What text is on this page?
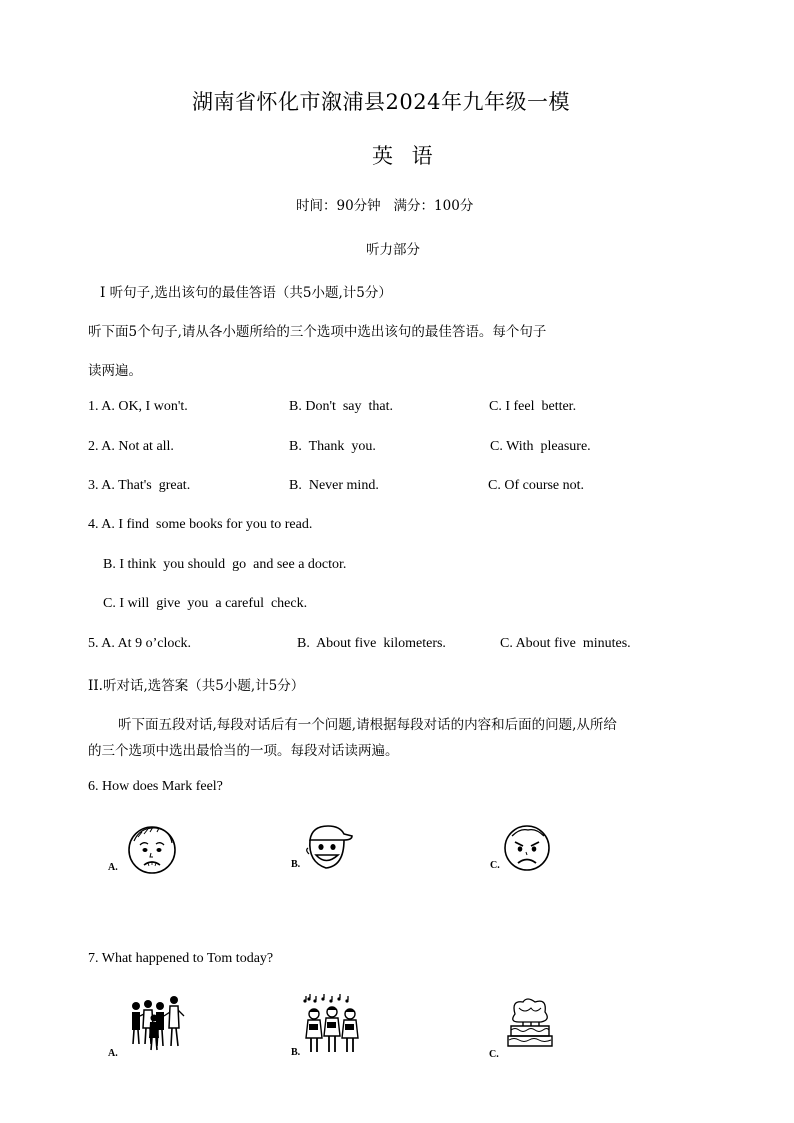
湖南省怀化市溆浦县2024年九年级一模
英 语
时间：90分钟   满分：100分
听力部分
I 听句子,选出该句的最佳答语（共5小题,计5分）
听下面5个句子,请从各小题所给的三个选项中选出该句的最佳答语。每个句子
读两遍。
1. A. OK, I won't.	B. Don't  say  that.	C. I feel  better.
2. A. Not at all.	B.  Thank  you.	C. With  pleasure.
3. A. That's  great.	B.  Never mind.	C. Of course not.
4. A. I find  some books for you to read.
B. I think  you should  go  and see a doctor.
C. I will  give  you  a careful  check.
5. A. At 9 o’clock.	B.  About five  kilometers.	C. About five  minutes.
II.听对话,选答案（共5小题,计5分）
听下面五段对话,每段对话后有一个问题,请根据每段对话的内容和后面的问题,从所给
的三个选项中选出最恰当的一项。每段对话读两遍。
6. How does Mark feel?
A.	B.	C.
7. What happened to Tom today?
A.	B.	C.
